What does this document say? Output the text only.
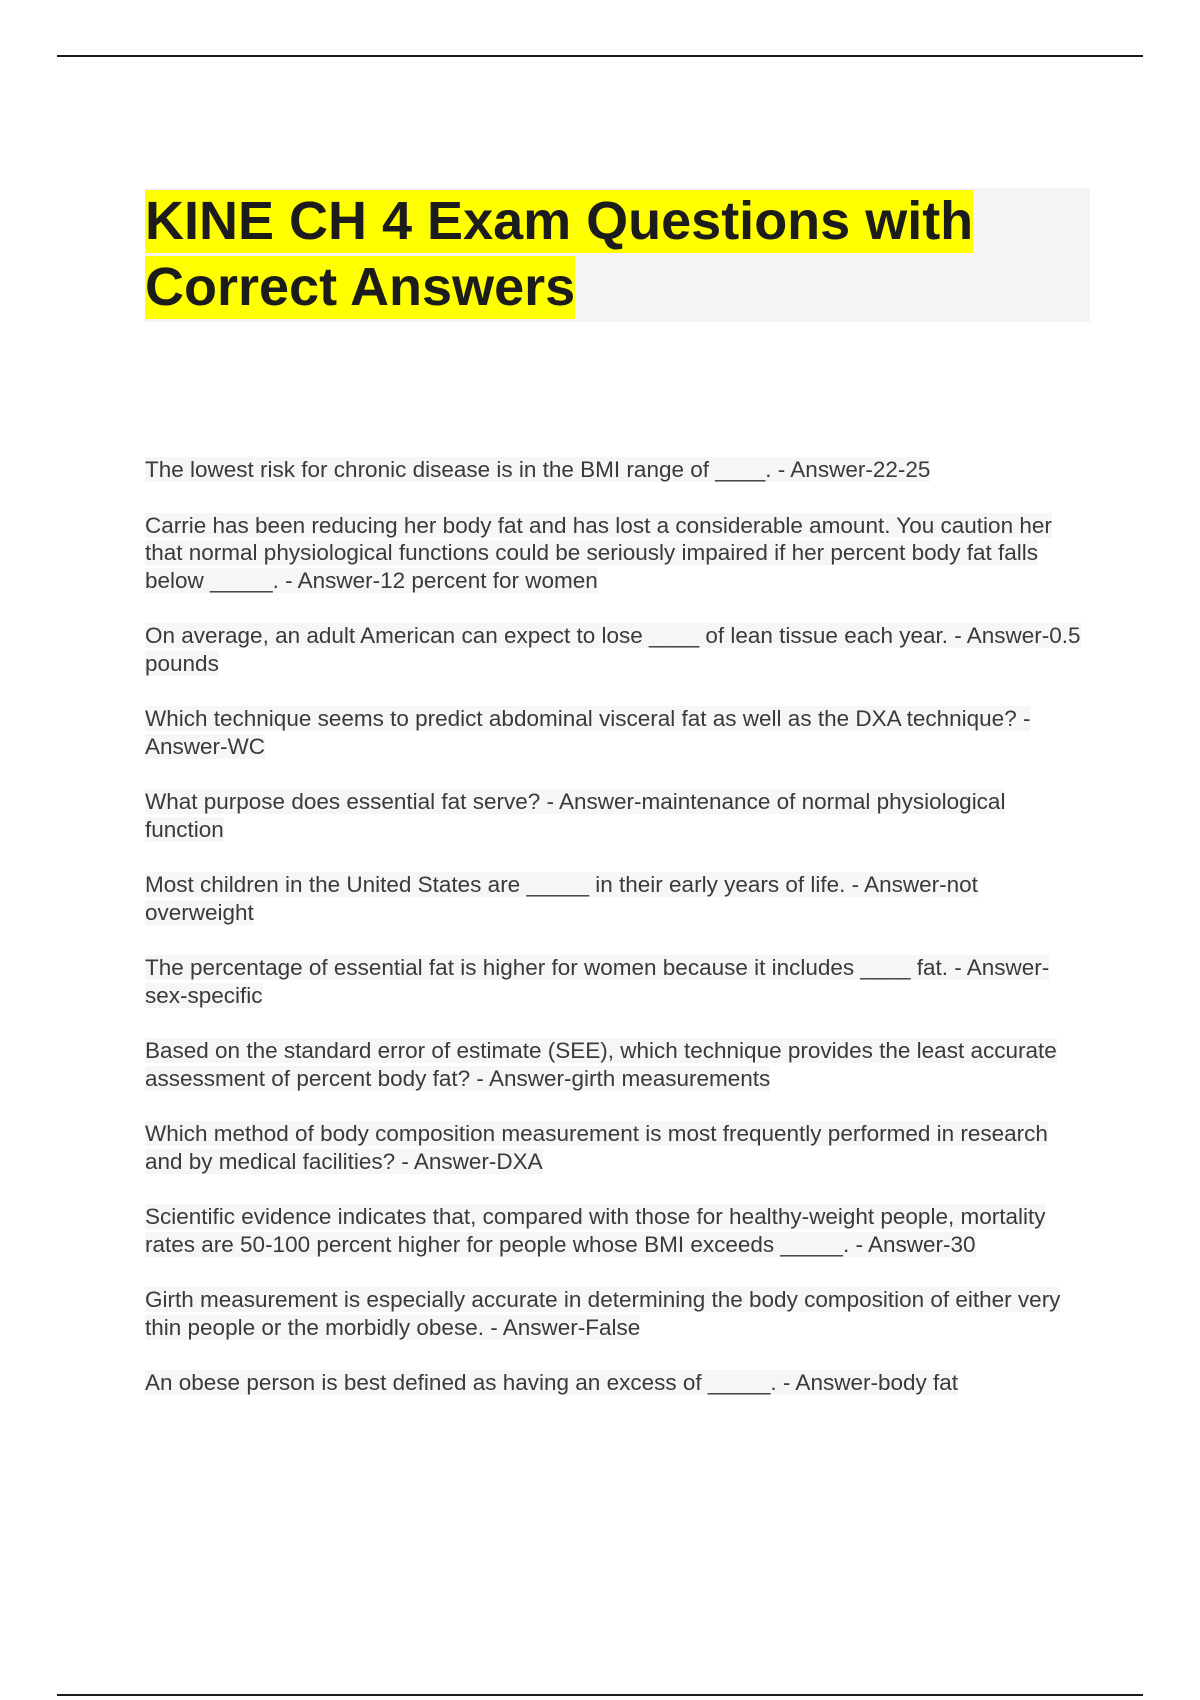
KINE CH 4 Exam Questions with
Correct Answers
The lowest risk for chronic disease is in the BMI range of ____. - Answer-22-25
Carrie has been reducing her body fat and has lost a considerable amount. You caution her that normal physiological functions could be seriously impaired if her percent body fat falls below _____. - Answer-12 percent for women
On average, an adult American can expect to lose ____ of lean tissue each year. - Answer-0.5 pounds
Which technique seems to predict abdominal visceral fat as well as the DXA technique? - Answer-WC
What purpose does essential fat serve? - Answer-maintenance of normal physiological function
Most children in the United States are _____ in their early years of life. - Answer-not overweight
The percentage of essential fat is higher for women because it includes ____ fat. - Answer-sex-specific
Based on the standard error of estimate (SEE), which technique provides the least accurate assessment of percent body fat? - Answer-girth measurements
Which method of body composition measurement is most frequently performed in research and by medical facilities? - Answer-DXA
Scientific evidence indicates that, compared with those for healthy-weight people, mortality rates are 50-100 percent higher for people whose BMI exceeds _____. - Answer-30
Girth measurement is especially accurate in determining the body composition of either very thin people or the morbidly obese. - Answer-False
An obese person is best defined as having an excess of _____. - Answer-body fat
